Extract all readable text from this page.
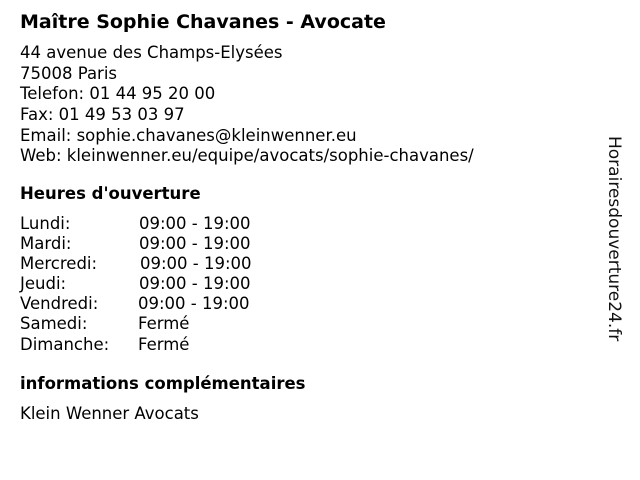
Maître Sophie Chavanes - Avocate
44 avenue des Champs-Elysées
75008 Paris
Telefon: 01 44 95 20 00
Fax: 01 49 53 03 97
Email: sophie.chavanes@kleinwenner.eu
Web: kleinwenner.eu/equipe/avocats/sophie-chavanes/
Heures d'ouverture
Lundi:	09:00 - 19:00
Mardi:	09:00 - 19:00
Mercredi:	09:00 - 19:00
Jeudi:	09:00 - 19:00
Vendredi: 09:00 - 19:00
Samedi:	Fermé
Dimanche: Fermé
informations complémentaires
Klein Wenner Avocats
Horairesdouverture24.fr
